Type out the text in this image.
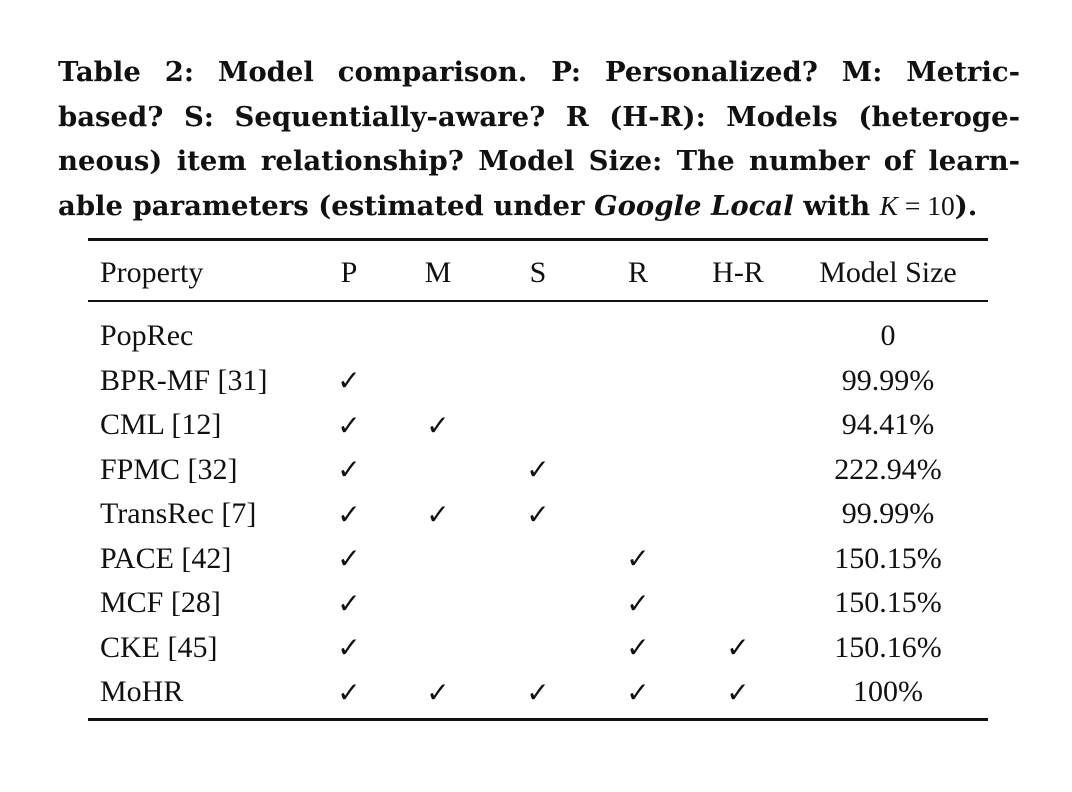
Table 2: Model comparison. P: Personalized? M: Metric-based? S: Sequentially-aware? R (H-R): Models (heterogeneous) item relationship? Model Size: The number of learnable parameters (estimated under Google Local with K = 10).
Property	P	M	S	R	H-R	Model Size
PopRec						0
BPR-MF [31]	✓					99.99%
CML [12]	✓	✓				94.41%
FPMC [32]	✓		✓			222.94%
TransRec [7]	✓	✓	✓			99.99%
PACE [42]	✓			✓		150.15%
MCF [28]	✓			✓		150.15%
CKE [45]	✓			✓	✓	150.16%
MoHR	✓	✓	✓	✓	✓	100%
